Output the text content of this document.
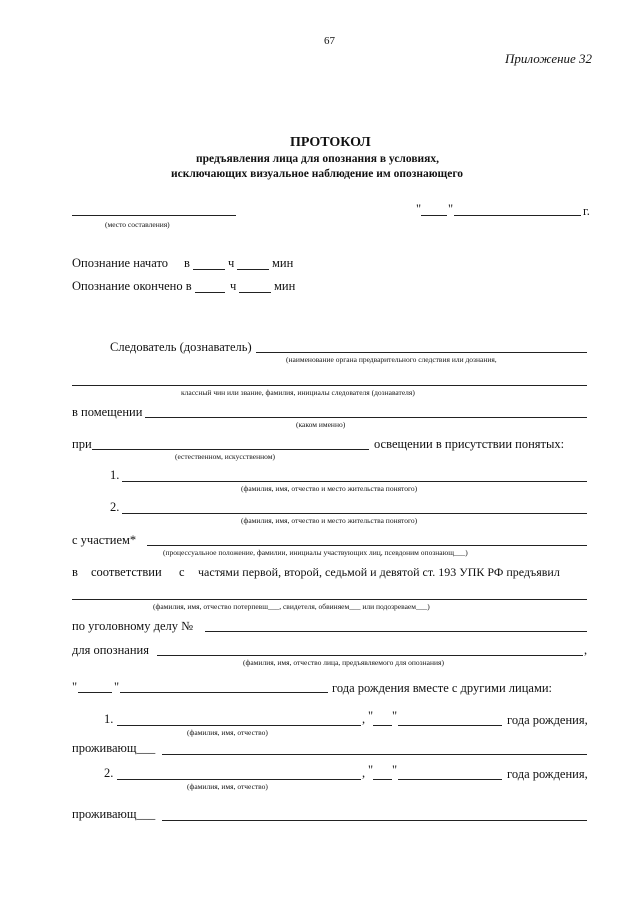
67
Приложение 32
ПРОТОКОЛ
предъявления лица для опознания в условиях,
исключающих визуальное наблюдение им опознающего
(место составления)
" "	г.
Опознание начато в	ч	мин
Опознание окончено в	ч	мин
Следователь (дознаватель)
(наименование органа предварительного следствия или дознания,
классный чин или звание, фамилия, инициалы следователя (дознавателя)
в помещении
(каком именно)
при	освещении в присутствии понятых:
(естественном, искусственном)
1.
(фамилия, имя, отчество и место жительства понятого)
2.
(фамилия, имя, отчество и место жительства понятого)
с участием*
(процессуальное положение, фамилии, инициалы участвующих лиц, псевдоним опознающ___)
в соответствии с частями первой, второй, седьмой и девятой ст. 193 УПК РФ предъявил
(фамилия, имя, отчество потерпевш___, свидетеля, обвиняем___ или подозреваем___)
по уголовному делу №
для опознания	,
(фамилия, имя, отчество лица, предъявляемого для опознания)
"	"	года рождения вместе с другими лицами:
1.	, " "	года рождения,
(фамилия, имя, отчество)
проживающ___
2.	, " "	года рождения,
(фамилия, имя, отчество)
проживающ___
